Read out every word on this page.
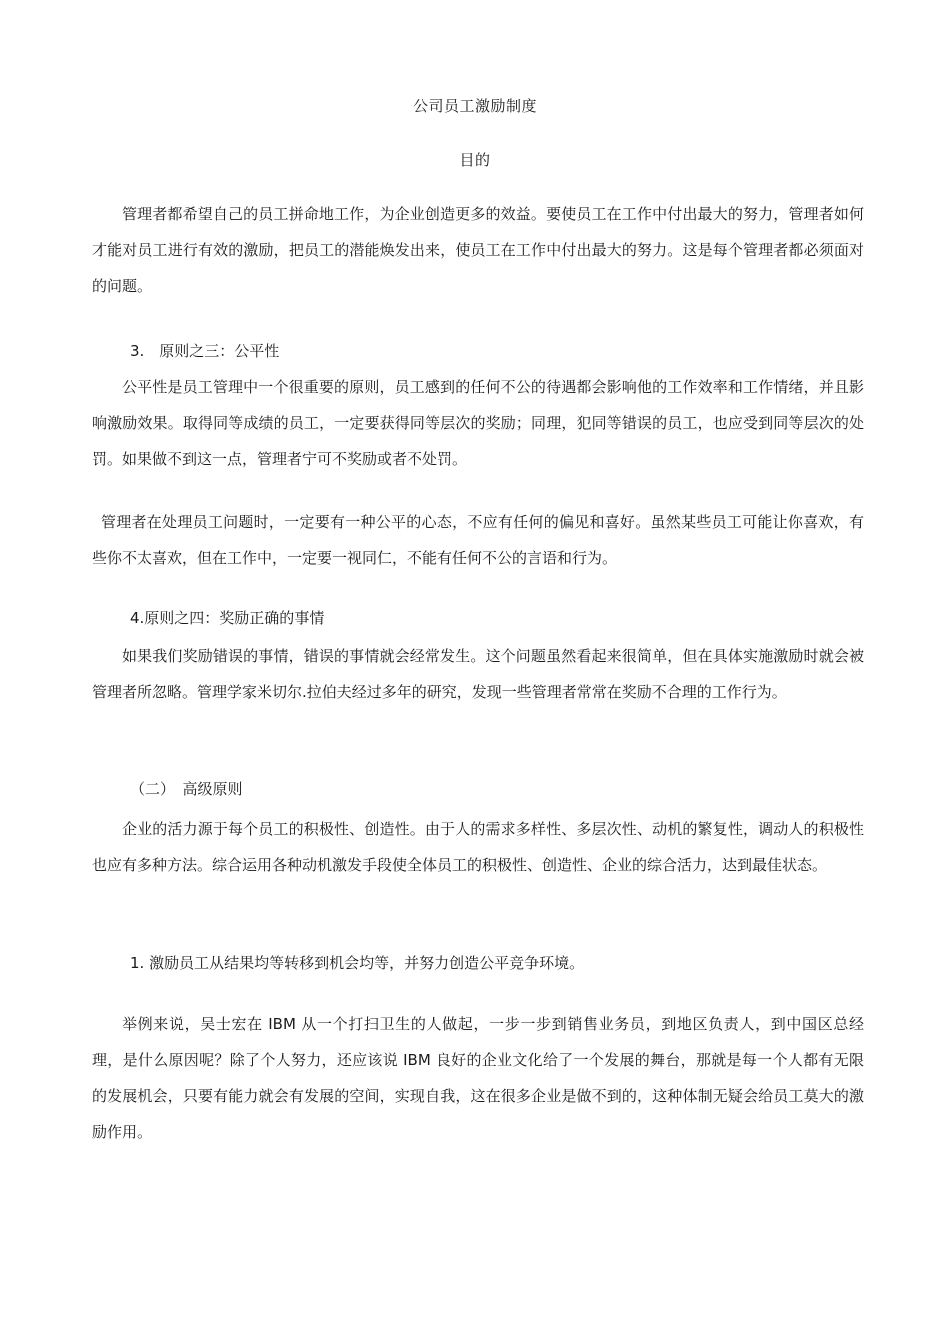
公司员工激励制度
目的
管理者都希望自己的员工拼命地工作，为企业创造更多的效益。要使员工在工作中付出最大的努力，管理者如何才能对员工进行有效的激励，把员工的潜能焕发出来，使员工在工作中付出最大的努力。这是每个管理者都必须面对的问题。
3.　原则之三：公平性
公平性是员工管理中一个很重要的原则，员工感到的任何不公的待遇都会影响他的工作效率和工作情绪，并且影响激励效果。取得同等成绩的员工，一定要获得同等层次的奖励；同理，犯同等错误的员工，也应受到同等层次的处罚。如果做不到这一点，管理者宁可不奖励或者不处罚。
管理者在处理员工问题时，一定要有一种公平的心态，不应有任何的偏见和喜好。虽然某些员工可能让你喜欢，有些你不太喜欢，但在工作中，一定要一视同仁，不能有任何不公的言语和行为。
4.原则之四：奖励正确的事情
如果我们奖励错误的事情，错误的事情就会经常发生。这个问题虽然看起来很简单，但在具体实施激励时就会被管理者所忽略。管理学家米切尔.拉伯夫经过多年的研究，发现一些管理者常常在奖励不合理的工作行为。
（二）　高级原则
企业的活力源于每个员工的积极性、创造性。由于人的需求多样性、多层次性、动机的繁复性，调动人的积极性也应有多种方法。综合运用各种动机激发手段使全体员工的积极性、创造性、企业的综合活力，达到最佳状态。
1. 激励员工从结果均等转移到机会均等，并努力创造公平竞争环境。
举例来说，吴士宏在 IBM 从一个打扫卫生的人做起，一步一步到销售业务员，到地区负责人，到中国区总经理，是什么原因呢？除了个人努力，还应该说 IBM 良好的企业文化给了一个发展的舞台，那就是每一个人都有无限的发展机会，只要有能力就会有发展的空间，实现自我，这在很多企业是做不到的，这种体制无疑会给员工莫大的激励作用。
